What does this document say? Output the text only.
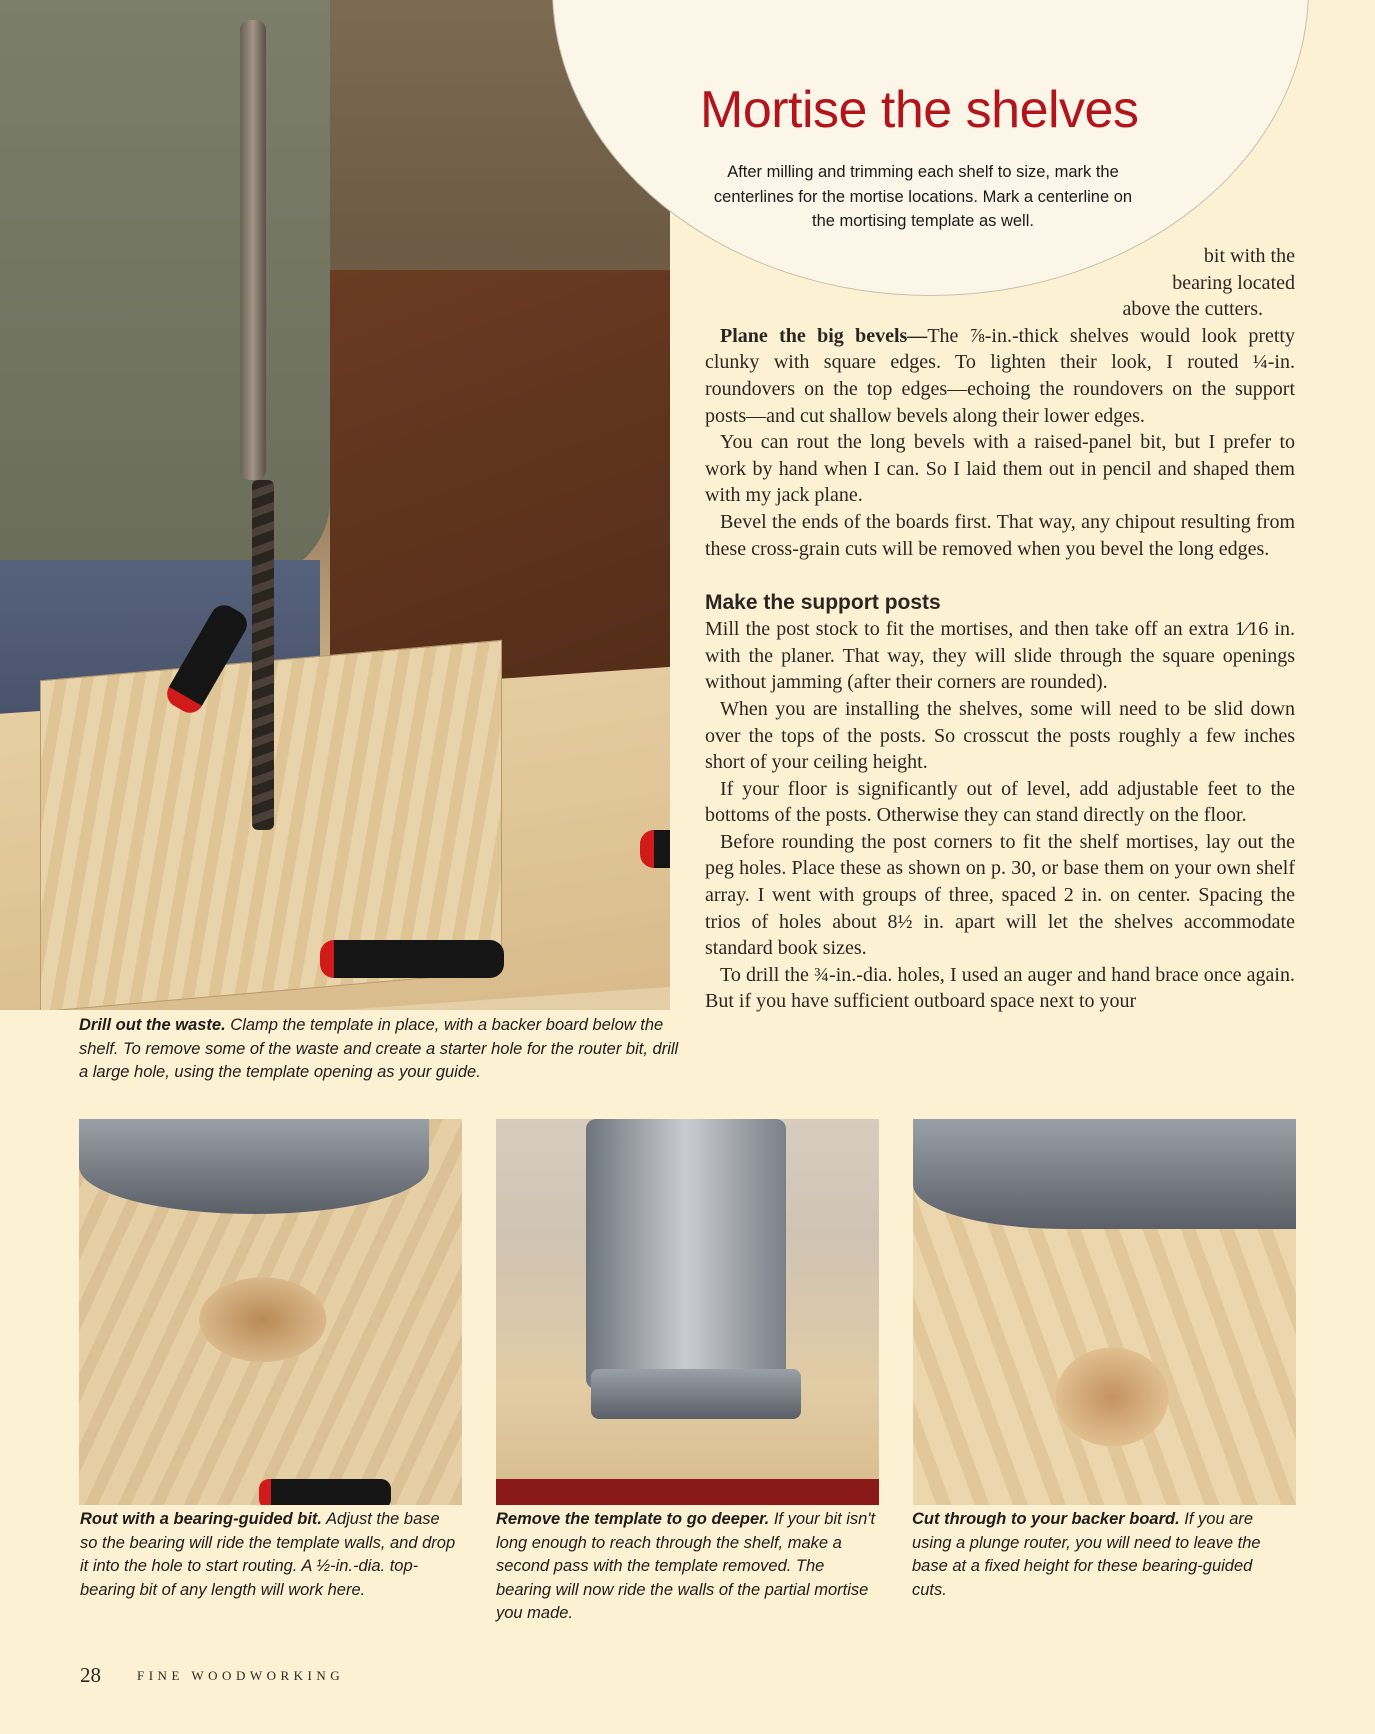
Mortise the shelves
After milling and trimming each shelf to size, mark the centerlines for the mortise locations. Mark a centerline on the mortising template as well.

bit with the
bearing located
above the cutters.

Plane the big bevels—The ⅞-in.-thick shelves would look pretty clunky with square edges. To lighten their look, I routed ¼-in. roundovers on the top edges—echoing the roundovers on the support posts—and cut shallow bevels along their lower edges.

You can rout the long bevels with a raised-panel bit, but I prefer to work by hand when I can. So I laid them out in pencil and shaped them with my jack plane.

Bevel the ends of the boards first. That way, any chipout resulting from these cross-grain cuts will be removed when you bevel the long edges.

Make the support posts

Mill the post stock to fit the mortises, and then take off an extra 1⁄16 in. with the planer. That way, they will slide through the square openings without jamming (after their corners are rounded).

When you are installing the shelves, some will need to be slid down over the tops of the posts. So crosscut the posts roughly a few inches short of your ceiling height.

If your floor is significantly out of level, add adjustable feet to the bottoms of the posts. Otherwise they can stand directly on the floor.

Before rounding the post corners to fit the shelf mortises, lay out the peg holes. Place these as shown on p. 30, or base them on your own shelf array. I went with groups of three, spaced 2 in. on center. Spacing the trios of holes about 8½ in. apart will let the shelves accommodate standard book sizes.

To drill the ¾-in.-dia. holes, I used an auger and hand brace once again. But if you have sufficient outboard space next to your

Drill out the waste. Clamp the template in place, with a backer board below the shelf. To remove some of the waste and create a starter hole for the router bit, drill a large hole, using the template opening as your guide.
Rout with a bearing-guided bit. Adjust the base so the bearing will ride the template walls, and drop it into the hole to start routing. A ½-in.-dia. top-bearing bit of any length will work here.
Remove the template to go deeper. If your bit isn't long enough to reach through the shelf, make a second pass with the template removed. The bearing will now ride the walls of the partial mortise you made.
Cut through to your backer board. If you are using a plunge router, you will need to leave the base at a fixed height for these bearing-guided cuts.
28	FINE WOODWORKING
